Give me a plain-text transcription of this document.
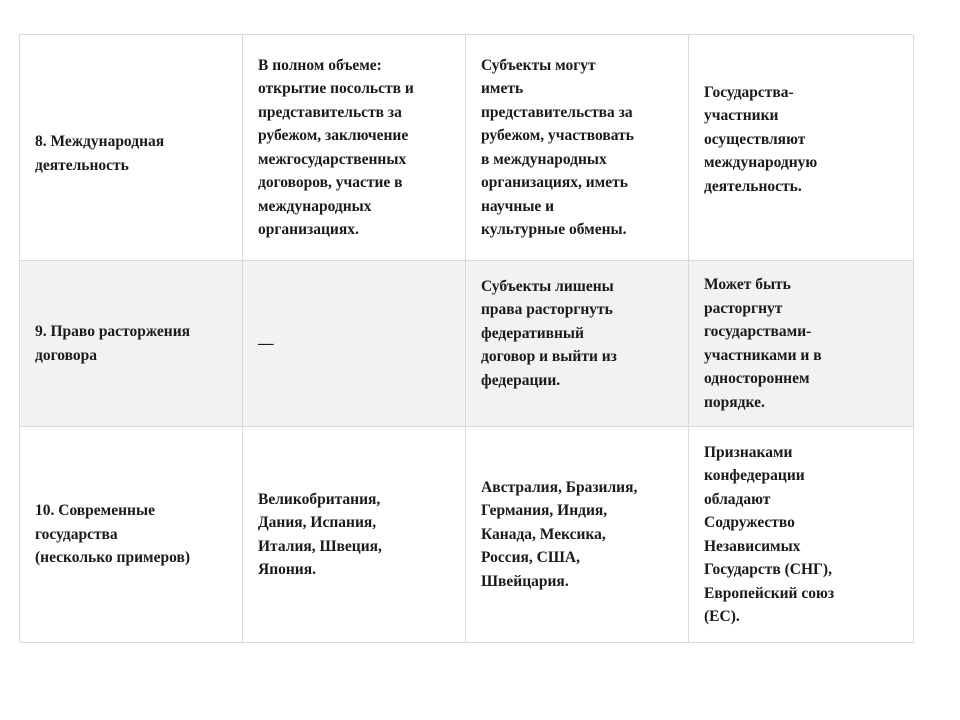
8. Международная
деятельность
В полном объеме:
открытие посольств и
представительств за
рубежом, заключение
межгосударственных
договоров, участие в
международных
организациях.
Субъекты могут
иметь
представительства за
рубежом, участвовать
в международных
организациях, иметь
научные и
культурные обмены.
Государства-
участники
осуществляют
международную
деятельность.
9. Право расторжения
договора
—
Субъекты лишены
права расторгнуть
федеративный
договор и выйти из
федерации.
Может быть
расторгнут
государствами-
участниками и в
одностороннем
порядке.
10. Современные
государства
(несколько примеров)
Великобритания,
Дания, Испания,
Италия, Швеция,
Япония.
Австралия, Бразилия,
Германия, Индия,
Канада, Мексика,
Россия, США,
Швейцария.
Признаками
конфедерации
обладают
Содружество
Независимых
Государств (СНГ),
Европейский союз
(ЕС).
